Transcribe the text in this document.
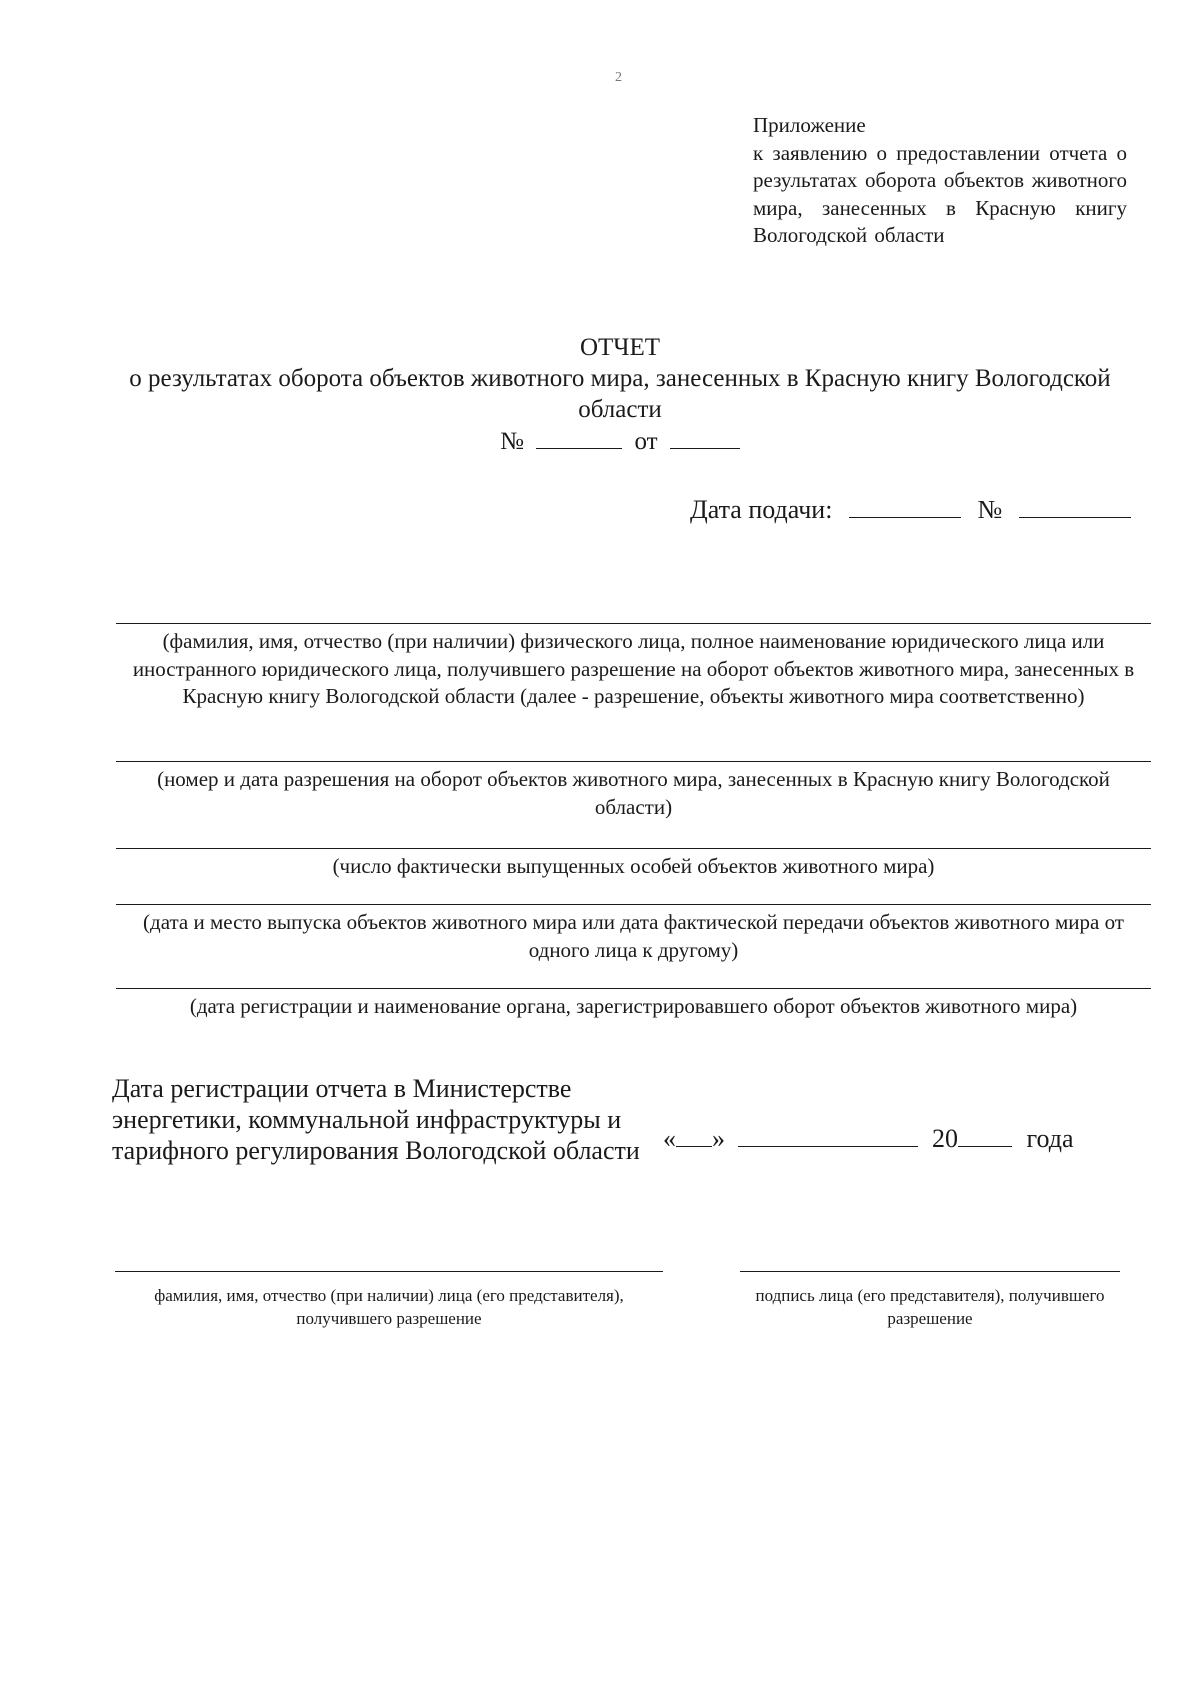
2
Приложение
к заявлению о предоставлении отчета о результатах оборота объектов животного мира, занесенных в Красную книгу Вологодской области
ОТЧЕТ
о результатах оборота объектов животного мира, занесенных в Красную книгу Вологодской области
№	от
Дата подачи:	№
(фамилия, имя, отчество (при наличии) физического лица, полное наименование юридического лица или иностранного юридического лица, получившего разрешение на оборот объектов животного мира, занесенных в Красную книгу Вологодской области (далее - разрешение, объекты животного мира соответственно)
(номер и дата разрешения на оборот объектов животного мира, занесенных в Красную книгу Вологодской области)
(число фактически выпущенных особей объектов животного мира)
(дата и место выпуска объектов животного мира или дата фактической передачи объектов животного мира от одного лица к другому)
(дата регистрации и наименование органа, зарегистрировавшего оборот объектов животного мира)
Дата регистрации отчета в Министерстве энергетики, коммунальной инфраструктуры и тарифного регулирования Вологодской области « »	20	года
фамилия, имя, отчество (при наличии) лица (его представителя), получившего разрешение
подпись лица (его представителя), получившего разрешение
